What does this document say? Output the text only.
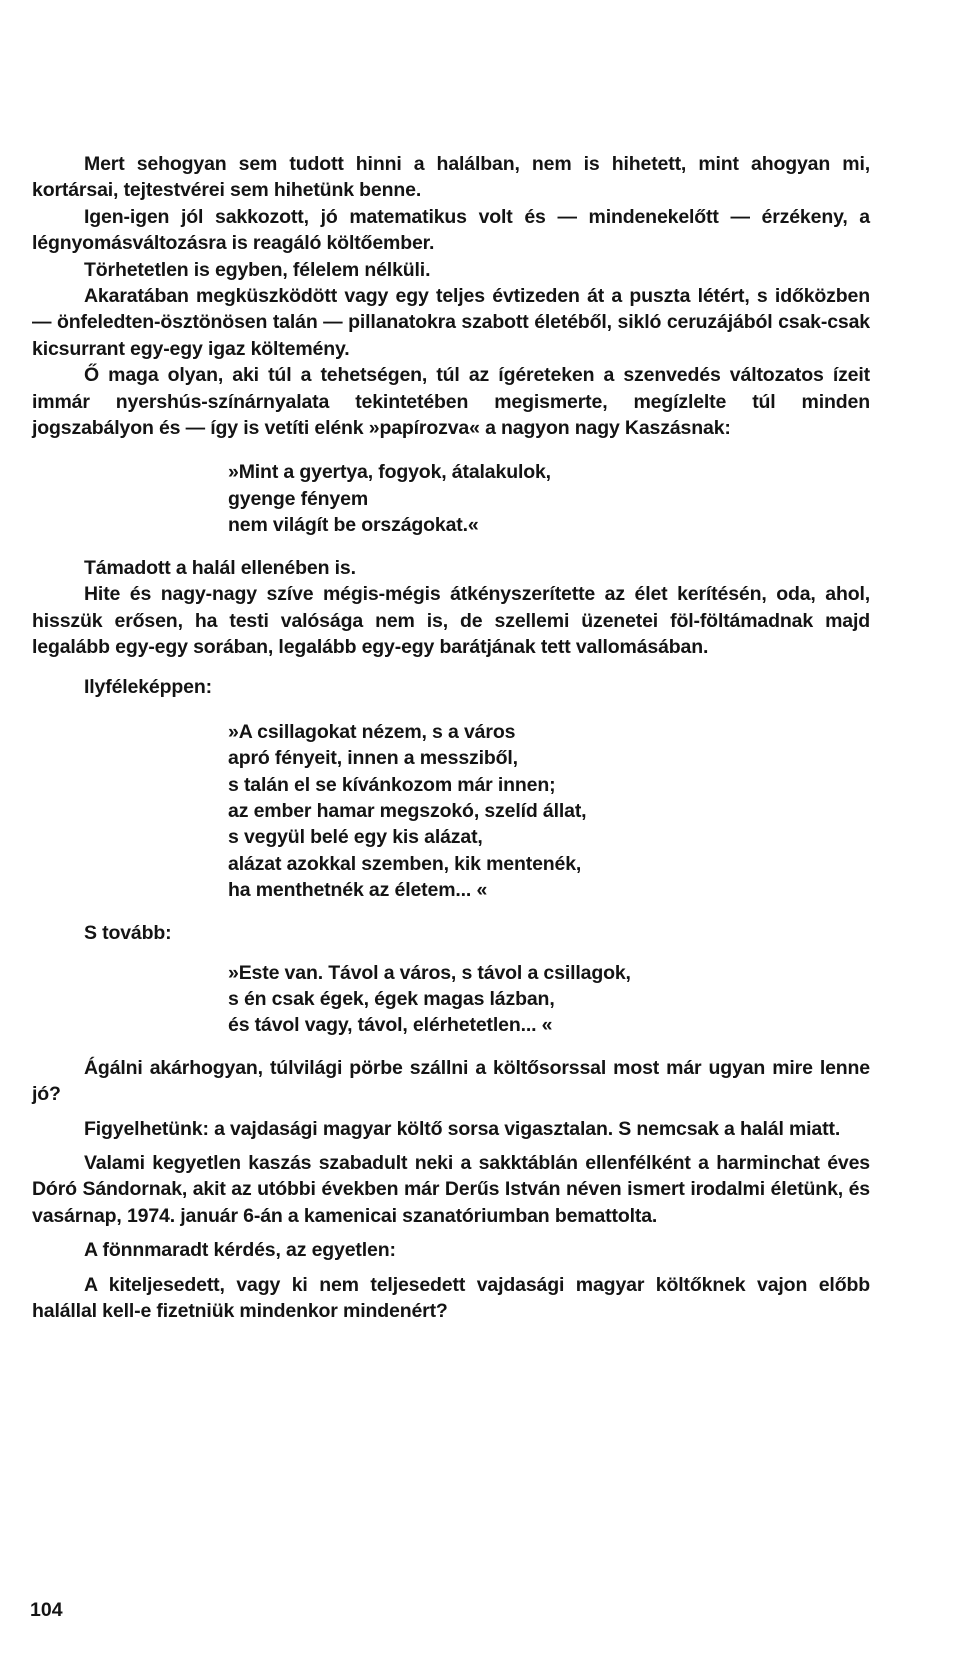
Mert sehogyan sem tudott hinni a halálban, nem is hihetett, mint ahogyan mi, kortársai, tejtestvérei sem hihetünk benne.

Igen-igen jól sakkozott, jó matematikus volt és — mindenekelőtt — érzékeny, a légnyomásváltozásra is reagáló költőember.

Törhetetlen is egyben, félelem nélküli.

Akaratában megküszködött vagy egy teljes évtizeden át a puszta létért, s időközben — önfeledten-ösztönösen talán — pillanatokra szabott életéből, sikló ceruzájából csak-csak kicsurrant egy-egy igaz költemény.

Ő maga olyan, aki túl a tehetségen, túl az ígéreteken a szenvedés változatos ízeit immár nyershús-színárnyalata tekintetében megismerte, megízlelte túl minden jogszabályon és — így is vetíti elénk »papírozva« a nagyon nagy Kaszásnak:

»Mint a gyertya, fogyok, átalakulok,
gyenge fényem
nem világít be országokat.«

Támadott a halál ellenében is.

Hite és nagy-nagy szíve mégis-mégis átkényszerítette az élet kerítésén, oda, ahol, hisszük erősen, ha testi valósága nem is, de szellemi üzenetei föl-föltámadnak majd legalább egy-egy sorában, legalább egy-egy barátjának tett vallomásában.

Ilyféleképpen:
»A csillagokat nézem, s a város
apró fényeit, innen a messziből,
s talán el se kívánkozom már innen;
az ember hamar megszokó, szelíd állat,
s vegyül belé egy kis alázat,
alázat azokkal szemben, kik mentenék,
ha menthetnék az életem... «
S tovább:
»Este van. Távol a város, s távol a csillagok,
s én csak égek, égek magas lázban,
és távol vagy, távol, elérhetetlen... «

Ágálni akárhogyan, túlvilági pörbe szállni a költősorssal most már ugyan mire lenne jó?

Figyelhetünk: a vajdasági magyar költő sorsa vigasztalan. S nemcsak a halál miatt.

Valami kegyetlen kaszás szabadult neki a sakktáblán ellenfélként a harminchat éves Dóró Sándornak, akit az utóbbi években már Derűs István néven ismert irodalmi életünk, és vasárnap, 1974. január 6-án a kamenicai szanatóriumban bemattolta.

A fönnmaradt kérdés, az egyetlen:

A kiteljesedett, vagy ki nem teljesedett vajdasági magyar költőknek vajon előbb halállal kell-e fizetniük mindenkor mindenért?

104
